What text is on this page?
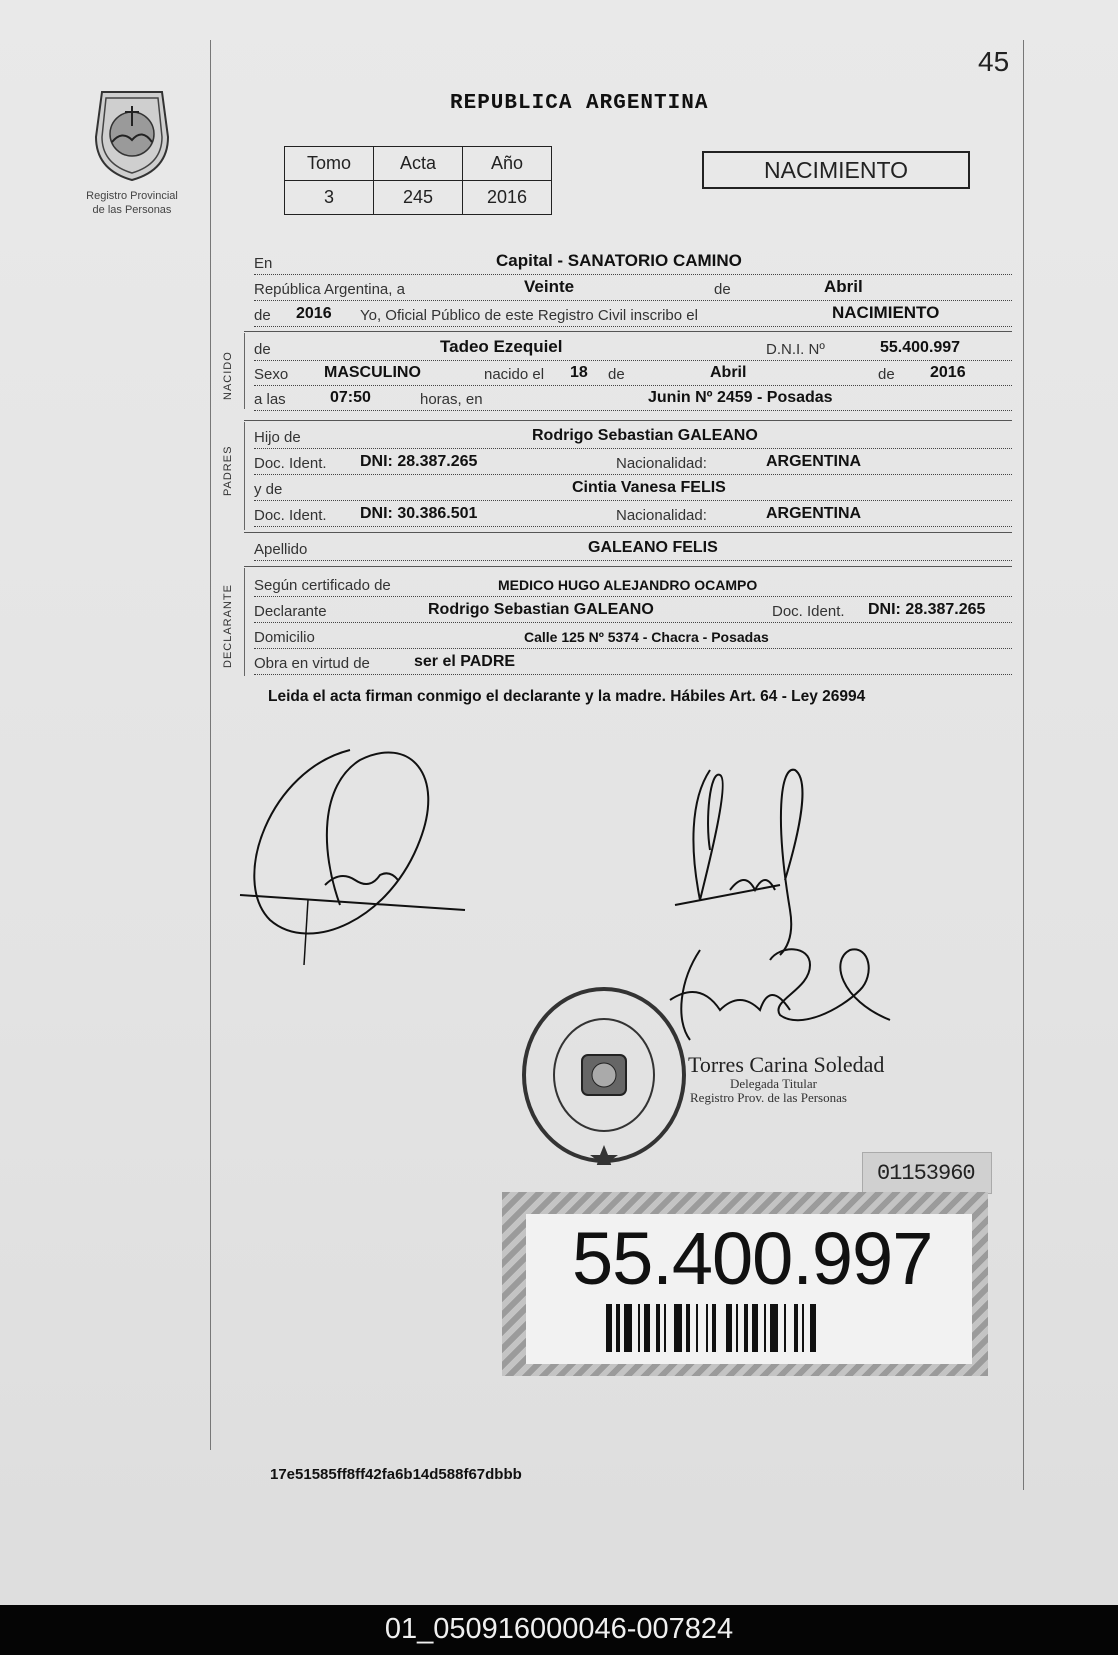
45
Registro Provincial
de las Personas
REPUBLICA ARGENTINA
Tomo	Acta	Año
3	245	2016
NACIMIENTO
En	Capital - SANATORIO CAMINO
República Argentina, a	Veinte	de	Abril
de 2016 Yo, Oficial Público de este Registro Civil inscribo el	NACIMIENTO
NACIDO
de	Tadeo Ezequiel	D.N.I. Nº	55.400.997
Sexo MASCULINO	nacido el 18 de	Abril	de 2016
a las	07:50	horas, en	Junin Nº 2459 - Posadas
PADRES
Hijo de	Rodrigo Sebastian GALEANO
Doc. Ident. DNI: 28.387.265	Nacionalidad:	ARGENTINA
y de	Cintia Vanesa FELIS
Doc. Ident. DNI: 30.386.501	Nacionalidad:	ARGENTINA
Apellido	GALEANO FELIS
DECLARANTE Según certificado de	MEDICO HUGO ALEJANDRO OCAMPO
Declarante	Rodrigo Sebastian GALEANO	Doc. Ident. DNI: 28.387.265
Domicilio	Calle 125 Nº 5374 - Chacra - Posadas
Obra en virtud de	ser el PADRE
Leida el acta firman conmigo el declarante y la madre. Hábiles Art. 64 - Ley 26994
Torres Carina Soledad
Delegada Titular
Registro Prov. de las Personas
01153960
55.400.997
17e51585ff8ff42fa6b14d588f67dbbb
01_050916000046-007824
